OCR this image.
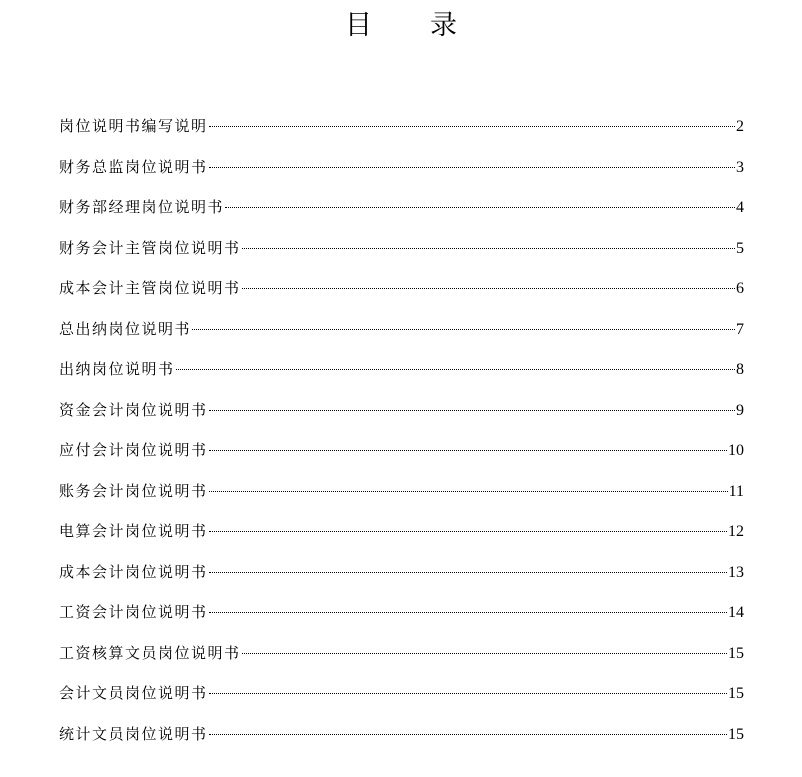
目 录
岗位说明书编写说明	2
财务总监岗位说明书	3
财务部经理岗位说明书	4
财务会计主管岗位说明书	5
成本会计主管岗位说明书	6
总出纳岗位说明书	7
出纳岗位说明书	8
资金会计岗位说明书	9
应付会计岗位说明书	10
账务会计岗位说明书	11
电算会计岗位说明书	12
成本会计岗位说明书	13
工资会计岗位说明书	14
工资核算文员岗位说明书	15
会计文员岗位说明书	15
统计文员岗位说明书	15
